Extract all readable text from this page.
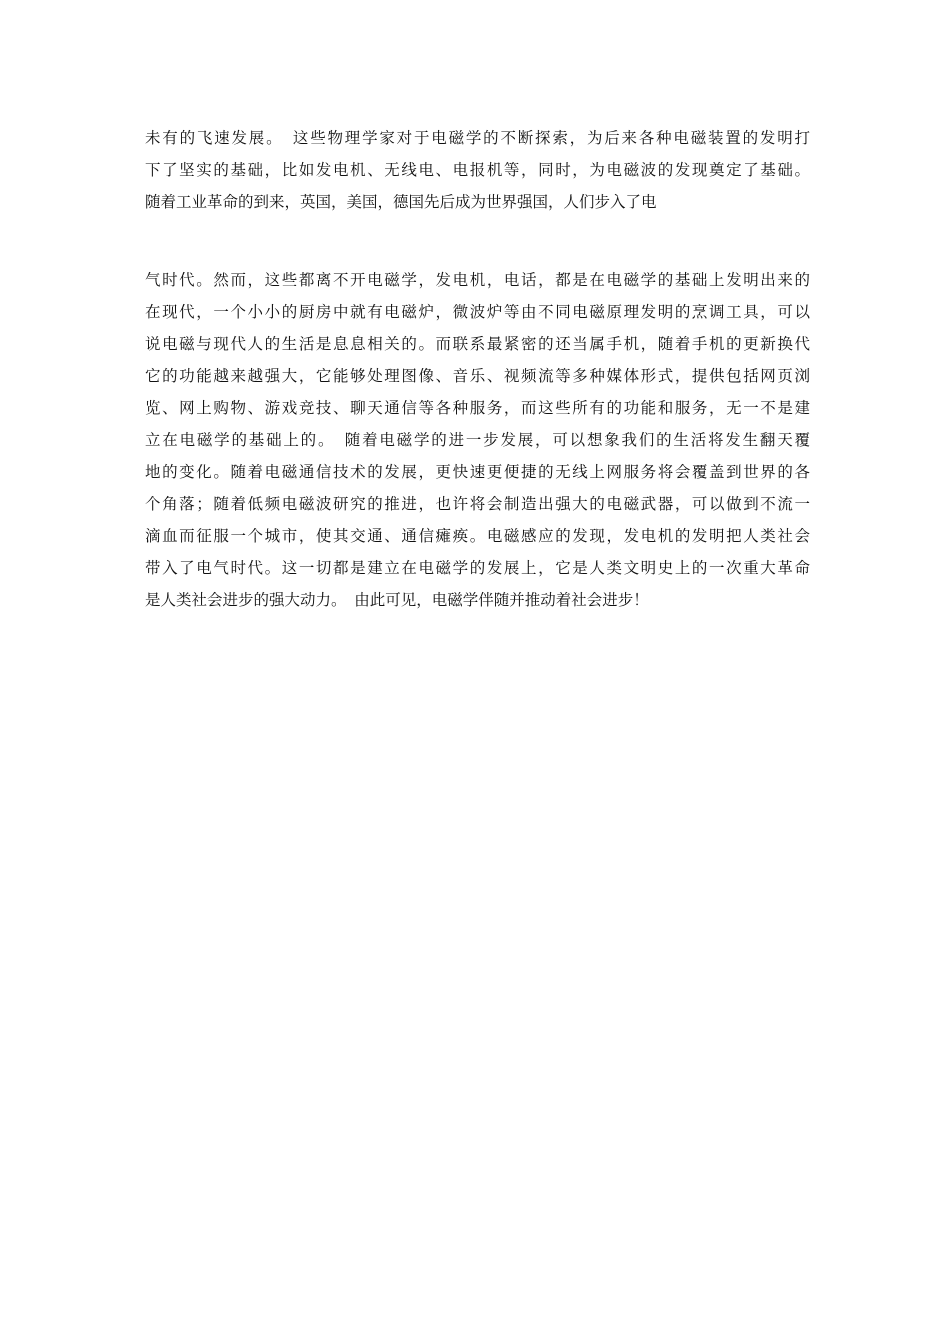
未有的飞速发展。　这些物理学家对于电磁学的不断探索，为后来各种电磁装置的发明打
下了坚实的基础，比如发电机、无线电、电报机等，同时，为电磁波的发现奠定了基础。
随着工业革命的到来，英国，美国，德国先后成为世界强国，人们步入了电
气时代。然而，这些都离不开电磁学，发电机，电话，都是在电磁学的基础上发明出来的
在现代，一个小小的厨房中就有电磁炉，微波炉等由不同电磁原理发明的烹调工具，可以
说电磁与现代人的生活是息息相关的。而联系最紧密的还当属手机，随着手机的更新换代
它的功能越来越强大，它能够处理图像、音乐、视频流等多种媒体形式，提供包括网页浏
览、网上购物、游戏竞技、聊天通信等各种服务，而这些所有的功能和服务，无一不是建
立在电磁学的基础上的。　随着电磁学的进一步发展，可以想象我们的生活将发生翻天覆
地的变化。随着电磁通信技术的发展，更快速更便捷的无线上网服务将会覆盖到世界的各
个角落；随着低频电磁波研究的推进，也许将会制造出强大的电磁武器，可以做到不流一
滴血而征服一个城市，使其交通、通信瘫痪。电磁感应的发现，发电机的发明把人类社会
带入了电气时代。这一切都是建立在电磁学的发展上，它是人类文明史上的一次重大革命
是人类社会进步的强大动力。　由此可见，电磁学伴随并推动着社会进步！
